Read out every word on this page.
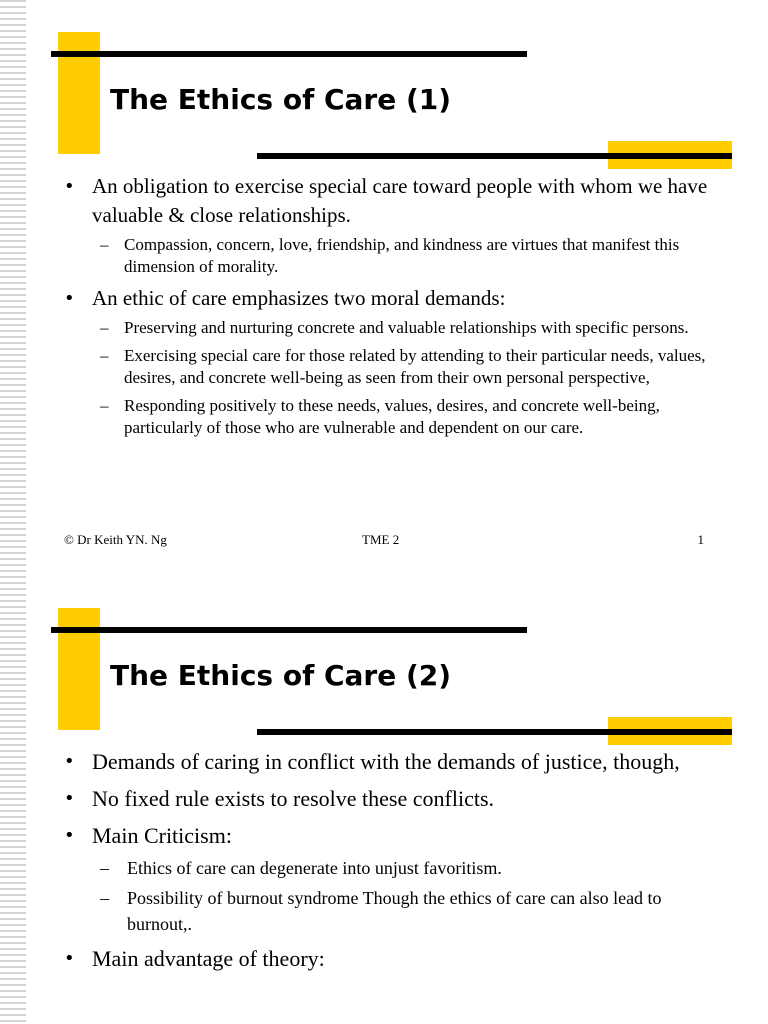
The Ethics of Care (1)
• An obligation to exercise special care toward people with whom we have valuable & close relationships.
– Compassion, concern, love, friendship, and kindness are virtues that manifest this dimension of morality.
• An ethic of care emphasizes two moral demands:
– Preserving and nurturing concrete and valuable relationships with specific persons.
– Exercising special care for those related by attending to their particular needs, values, desires, and concrete well-being as seen from their own personal perspective,
– Responding positively to these needs, values, desires, and concrete well-being, particularly of those who are vulnerable and dependent on our care.
© Dr Keith YN. Ng	TME 2	1
The Ethics of Care (2)
• Demands of caring in conflict with the demands of justice, though,
• No fixed rule exists to resolve these conflicts.
• Main Criticism:
– Ethics of care can degenerate into unjust favoritism.
– Possibility of burnout syndrome Though the ethics of care can also lead to burnout,.
• Main advantage of theory:
